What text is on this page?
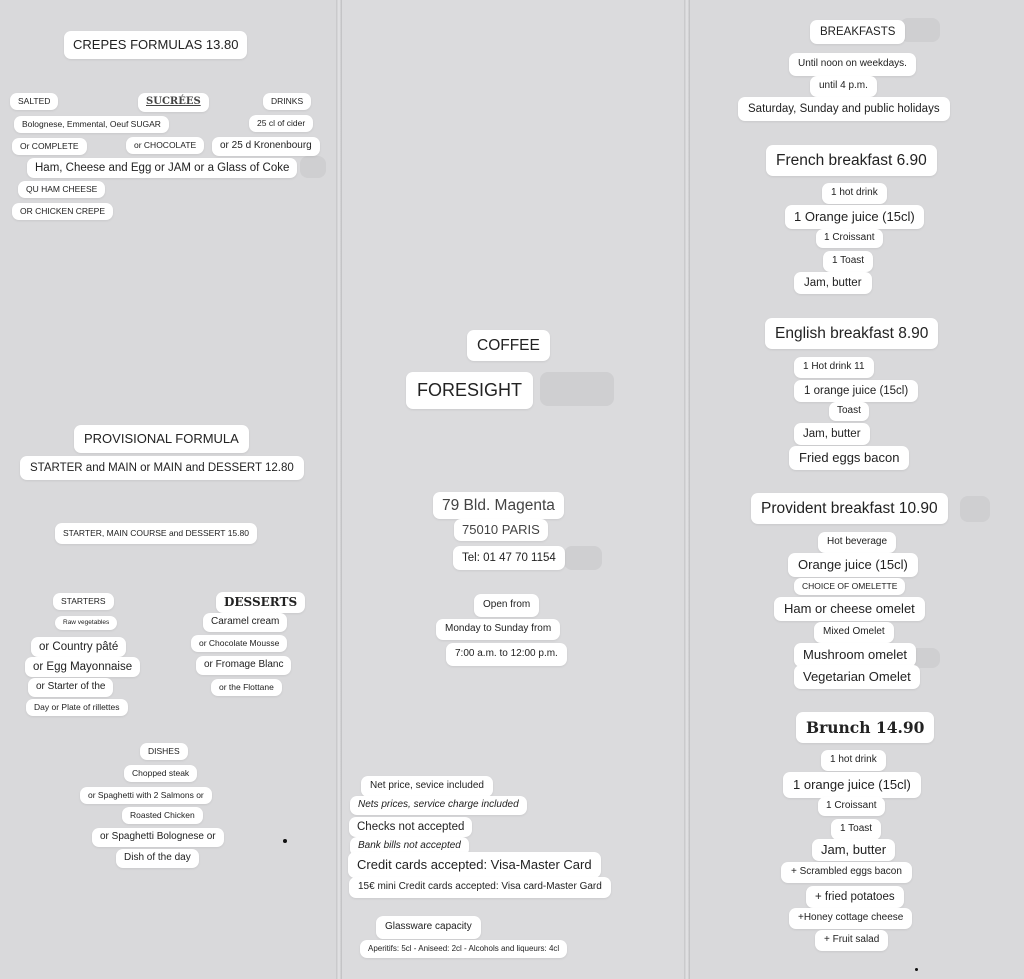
CREPES FORMULAS 13.80
SALTED	SUCRÉES	DRINKS
Bolognese, Emmental, Oeuf SUGAR	25 cl of cider
Or COMPLETE	or CHOCOLATE	or 25 d Kronenbourg
Ham, Cheese and Egg or JAM or a Glass of Coke
QU HAM CHEESE
OR CHICKEN CREPE
PROVISIONAL FORMULA
STARTER and MAIN or MAIN and DESSERT 12.80
STARTER, MAIN COURSE and DESSERT 15.80
STARTERS
Raw vegetables
or Country pâté
or Egg Mayonnaise
or Starter of the
Day or Plate of rillettes
DESSERTS
Caramel cream
or Chocolate Mousse
or Fromage Blanc
or the Flottane
DISHES
Chopped steak
or Spaghetti with 2 Salmons or
Roasted Chicken
or Spaghetti Bolognese or
Dish of the day
COFFEE
FORESIGHT
79 Bld. Magenta
75010 PARIS
Tel: 01 47 70 1154
Open from
Monday to Sunday from
7:00 a.m. to 12:00 p.m.
Net price, sevice included
Nets prices, service charge included
Checks not accepted
Bank bills not accepted
Credit cards accepted: Visa-Master Card
15€ mini Credit cards accepted: Visa card-Master Gard
Glassware capacity
Aperitifs: 5cl - Aniseed: 2cl - Alcohols and liqueurs: 4cl
BREAKFASTS
Until noon on weekdays.
until 4 p.m.
Saturday, Sunday and public holidays
French breakfast 6.90
1 hot drink
1 Orange juice (15cl)
1 Croissant
1 Toast
Jam, butter
English breakfast 8.90
1 Hot drink 11
1 orange juice (15cl)
Toast
Jam, butter
Fried eggs bacon
Provident breakfast 10.90
Hot beverage
Orange juice (15cl)
CHOICE OF OMELETTE
Ham or cheese omelet
Mixed Omelet
Mushroom omelet
Vegetarian Omelet
Brunch 14.90
1 hot drink
1 orange juice (15cl)
1 Croissant
1 Toast
Jam, butter
+ Scrambled eggs bacon
+ fried potatoes
+Honey cottage cheese
+ Fruit salad
